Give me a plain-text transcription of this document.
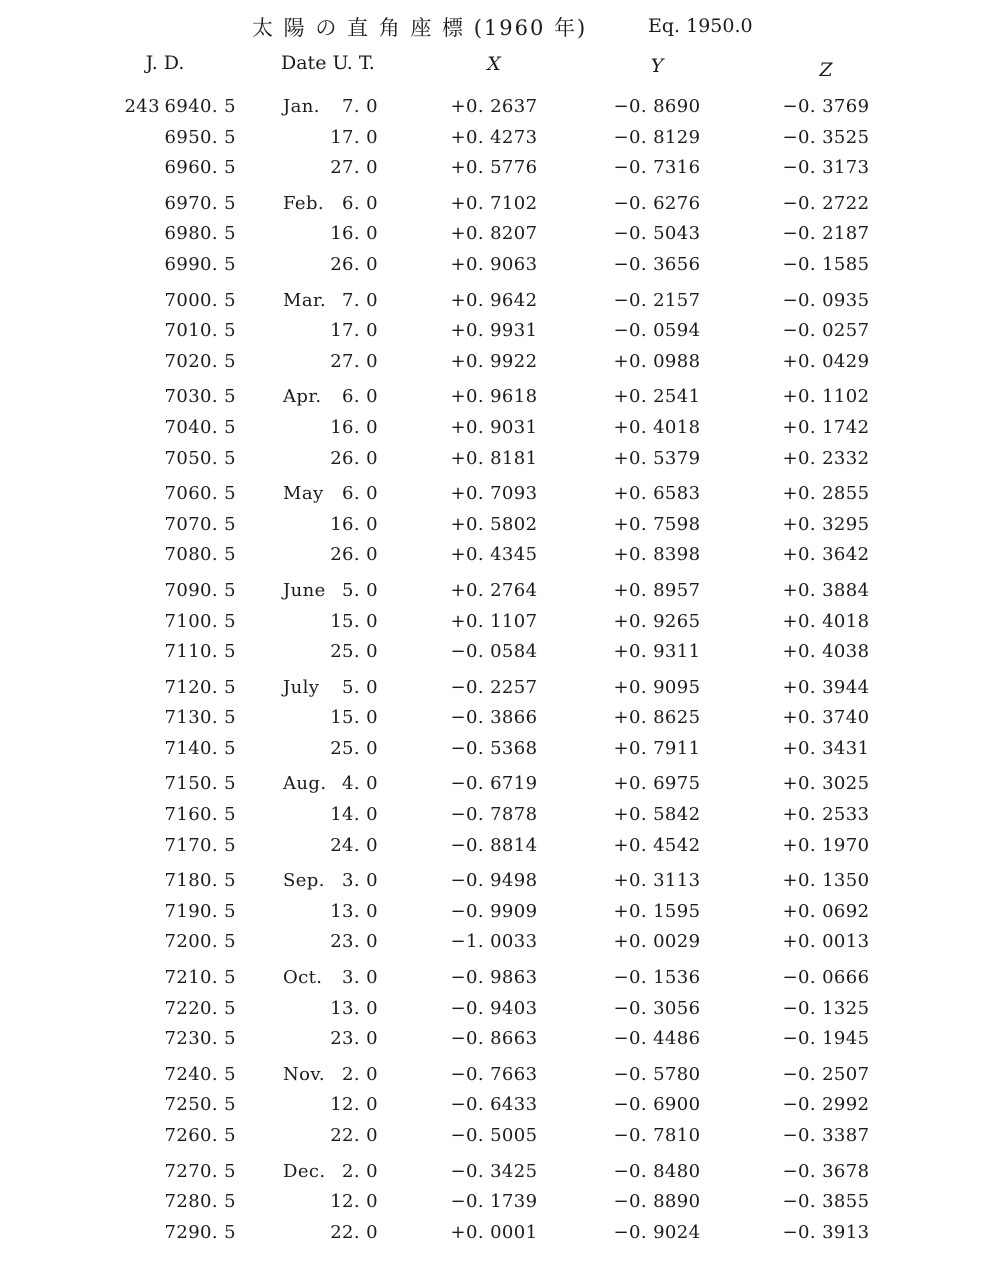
太 陽 の 直 角 座 標 (1960 年)	Eq. 1950.0
J. D.	Date U. T.	X	Y	Z
243 6940. 5	Jan.	7. 0	+0. 2637	−0. 8690	−0. 3769
6950. 5	17. 0	+0. 4273	−0. 8129	−0. 3525
6960. 5	27. 0	+0. 5776	−0. 7316	−0. 3173
6970. 5	Feb.	6. 0	+0. 7102	−0. 6276	−0. 2722
6980. 5	16. 0	+0. 8207	−0. 5043	−0. 2187
6990. 5	26. 0	+0. 9063	−0. 3656	−0. 1585
7000. 5	Mar. 7. 0	+0. 9642	−0. 2157	−0. 0935
7010. 5	17. 0	+0. 9931	−0. 0594	−0. 0257
7020. 5	27. 0	+0. 9922	+0. 0988	+0. 0429
7030. 5	Apr.	6. 0	+0. 9618	+0. 2541	+0. 1102
7040. 5	16. 0	+0. 9031	+0. 4018	+0. 1742
7050. 5	26. 0	+0. 8181	+0. 5379	+0. 2332
7060. 5	May	6. 0	+0. 7093	+0. 6583	+0. 2855
7070. 5	16. 0	+0. 5802	+0. 7598	+0. 3295
7080. 5	26. 0	+0. 4345	+0. 8398	+0. 3642
7090. 5	June 5. 0	+0. 2764	+0. 8957	+0. 3884
7100. 5	15. 0	+0. 1107	+0. 9265	+0. 4018
7110. 5	25. 0	−0. 0584	+0. 9311	+0. 4038
7120. 5	July	5. 0	−0. 2257	+0. 9095	+0. 3944
7130. 5	15. 0	−0. 3866	+0. 8625	+0. 3740
7140. 5	25. 0	−0. 5368	+0. 7911	+0. 3431
7150. 5	Aug. 4. 0	−0. 6719	+0. 6975	+0. 3025
7160. 5	14. 0	−0. 7878	+0. 5842	+0. 2533
7170. 5	24. 0	−0. 8814	+0. 4542	+0. 1970
7180. 5	Sep. 3. 0	−0. 9498	+0. 3113	+0. 1350
7190. 5	13. 0	−0. 9909	+0. 1595	+0. 0692
7200. 5	23. 0	−1. 0033	+0. 0029	+0. 0013
7210. 5	Oct.	3. 0	−0. 9863	−0. 1536	−0. 0666
7220. 5	13. 0	−0. 9403	−0. 3056	−0. 1325
7230. 5	23. 0	−0. 8663	−0. 4486	−0. 1945
7240. 5	Nov. 2. 0	−0. 7663	−0. 5780	−0. 2507
7250. 5	12. 0	−0. 6433	−0. 6900	−0. 2992
7260. 5	22. 0	−0. 5005	−0. 7810	−0. 3387
7270. 5	Dec. 2. 0	−0. 3425	−0. 8480	−0. 3678
7280. 5	12. 0	−0. 1739	−0. 8890	−0. 3855
7290. 5	22. 0	+0. 0001	−0. 9024	−0. 3913
